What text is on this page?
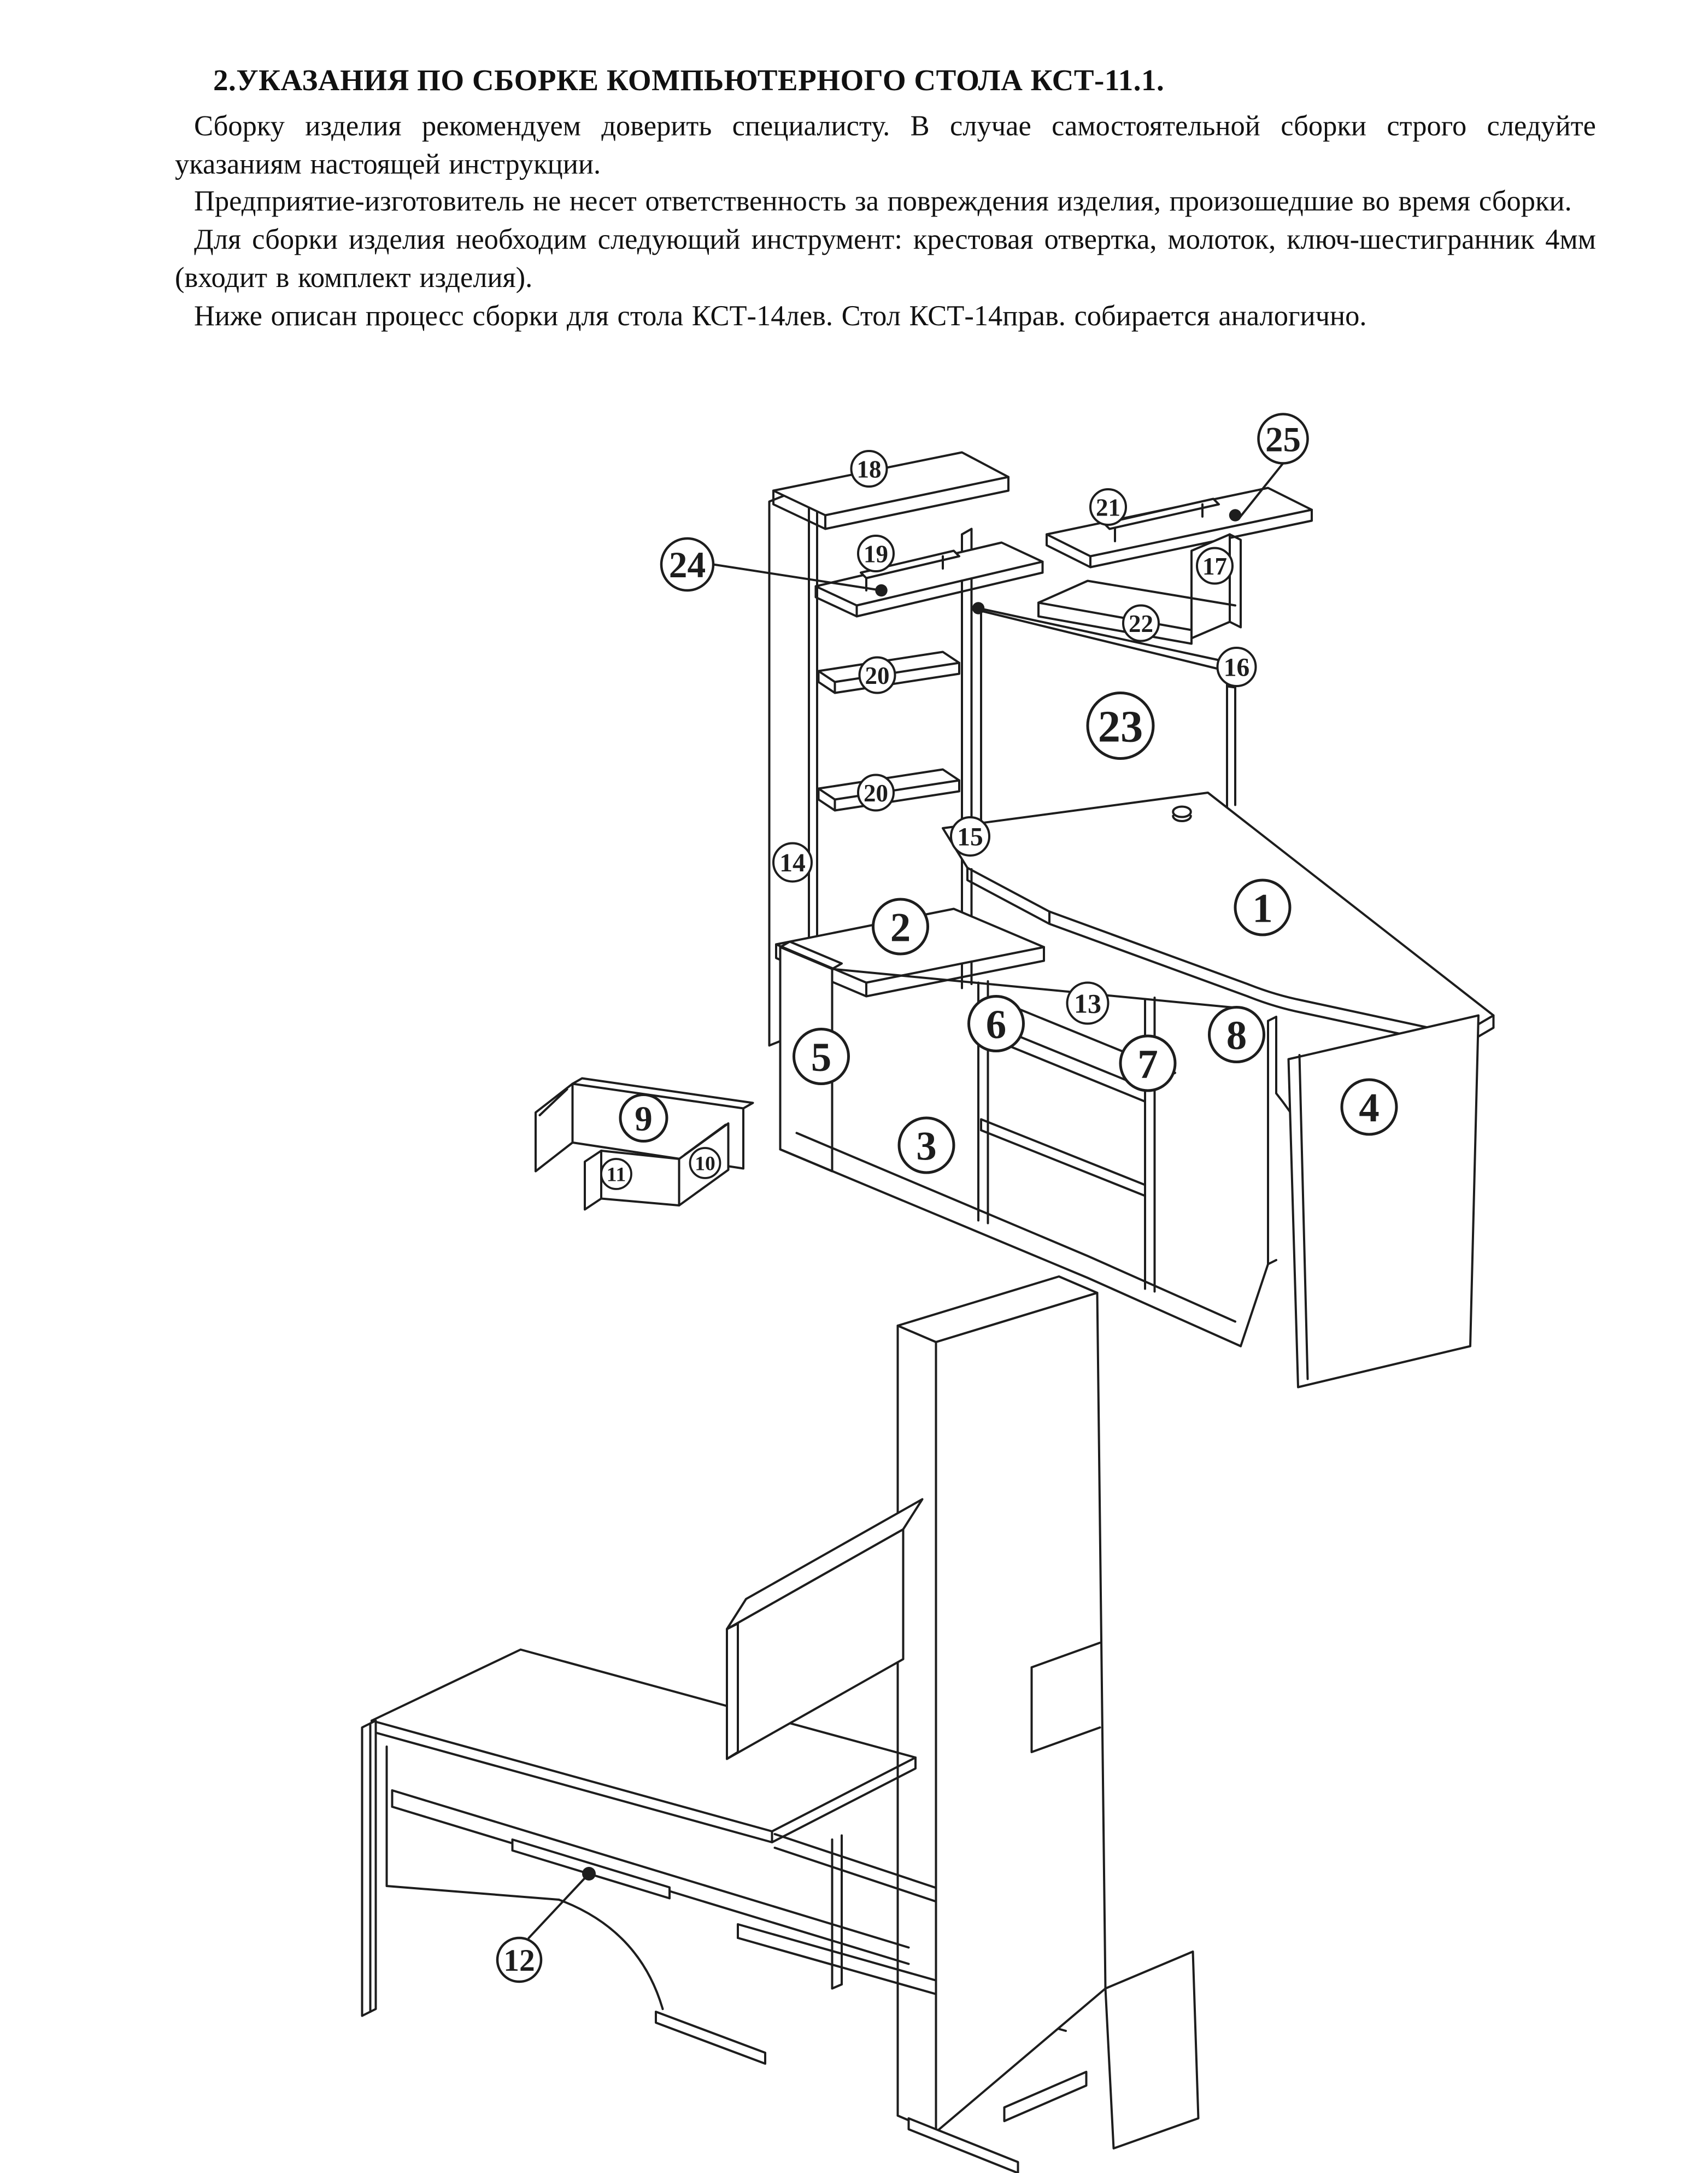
2.УКАЗАНИЯ ПО СБОРКЕ КОМПЬЮТЕРНОГО СТОЛА КСТ-11.1.

Сборку изделия рекомендуем доверить специалисту. В случае самостоятельной сборки строго следуйте указаниям настоящей инструкции.

Предприятие-изготовитель не несет ответственность за повреждения изделия, произошедшие во время сборки.

Для сборки изделия необходим следующий инструмент: крестовая отвертка, молоток, ключ-шестигранник 4мм (входит в комплект изделия).

Ниже описан процесс сборки для стола КСТ-14лев. Стол КСТ-14прав. собирается аналогично.

18
25
21
19
24	17
22
16
20
23
20
15
14
2	1
5
6	13
7
8
9
10
11
3
4
12
